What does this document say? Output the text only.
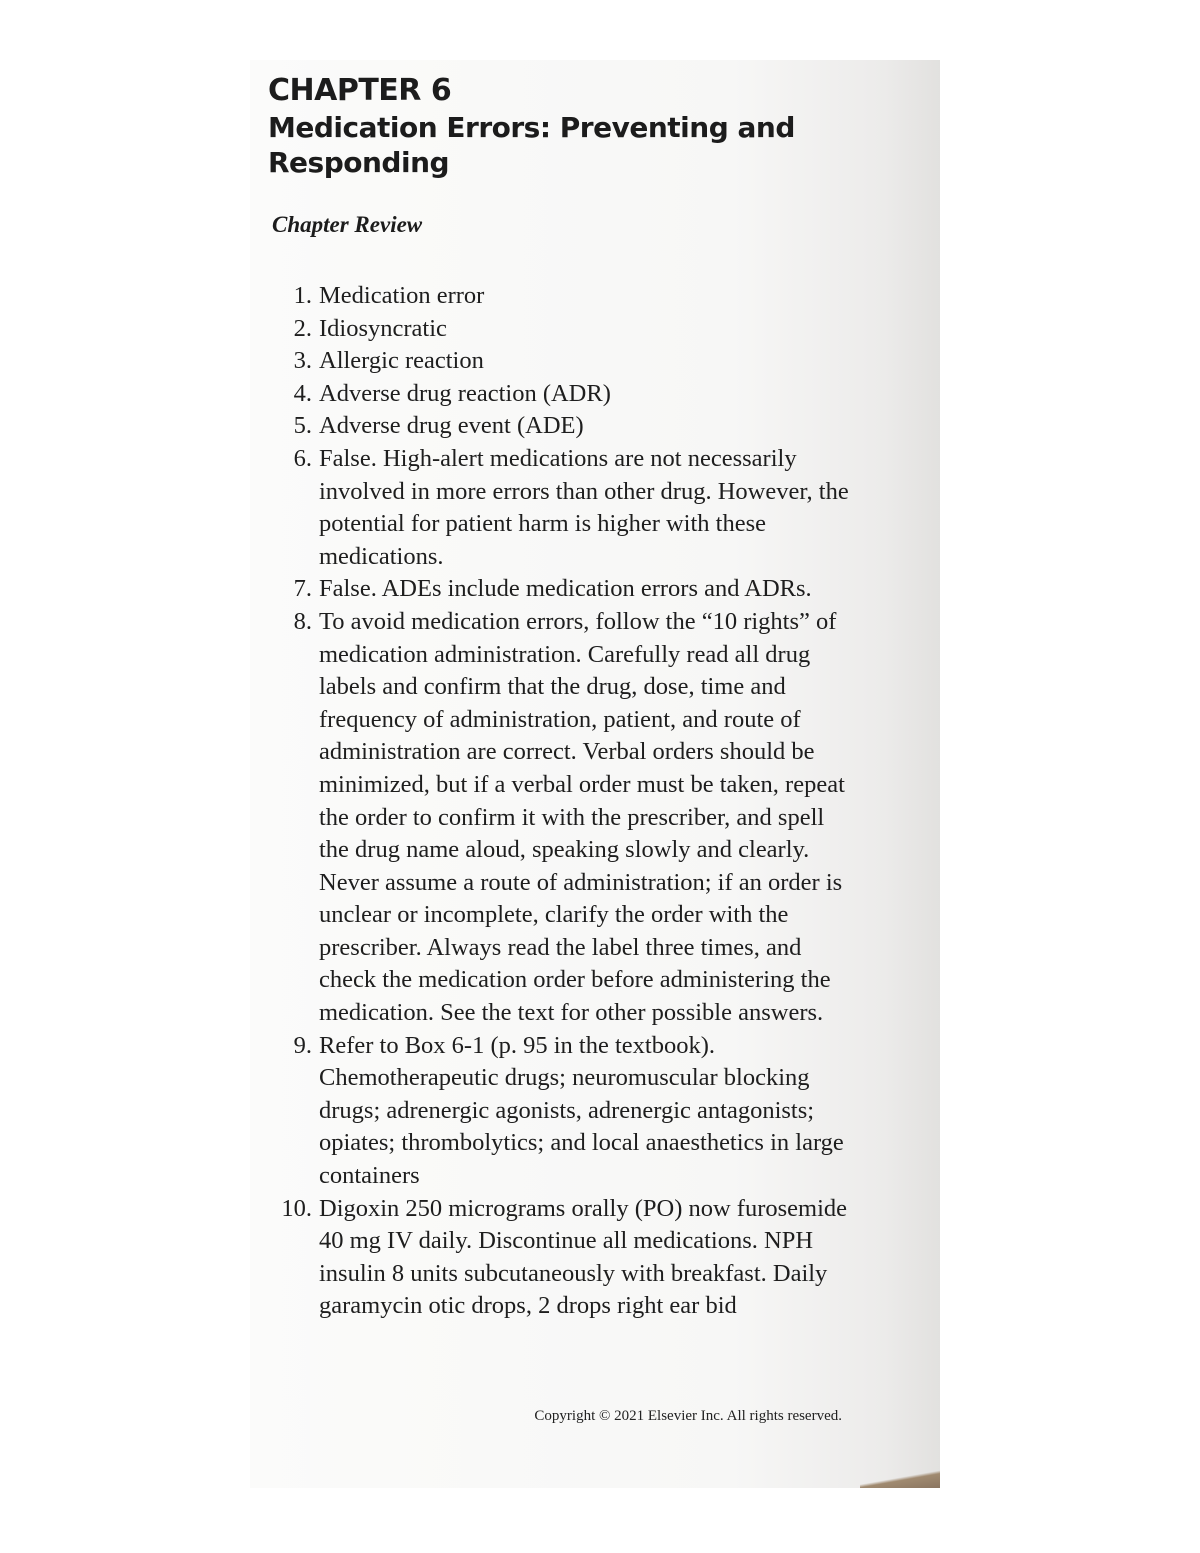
CHAPTER 6
Medication Errors: Preventing and Responding
Chapter Review
1. Medication error
2. Idiosyncratic
3. Allergic reaction
4. Adverse drug reaction (ADR)
5. Adverse drug event (ADE)
6. False. High-alert medications are not necessarily involved in more errors than other drug. However, the potential for patient harm is higher with these medications.
7. False. ADEs include medication errors and ADRs.
8. To avoid medication errors, follow the “10 rights” of medication administration. Carefully read all drug labels and confirm that the drug, dose, time and frequency of administration, patient, and route of administration are correct. Verbal orders should be minimized, but if a verbal order must be taken, repeat the order to confirm it with the prescriber, and spell the drug name aloud, speaking slowly and clearly. Never assume a route of administration; if an order is unclear or incomplete, clarify the order with the prescriber. Always read the label three times, and check the medication order before administering the medication. See the text for other possible answers.
9. Refer to Box 6-1 (p. 95 in the textbook). Chemotherapeutic drugs; neuromuscular blocking drugs; adrenergic agonists, adrenergic antagonists; opiates; thrombolytics; and local anaesthetics in large containers
10. Digoxin 250 micrograms orally (PO) now furosemide 40 mg IV daily. Discontinue all medications. NPH insulin 8 units subcutaneously with breakfast. Daily garamycin otic drops, 2 drops right ear bid
Copyright © 2021 Elsevier Inc. All rights reserved.
